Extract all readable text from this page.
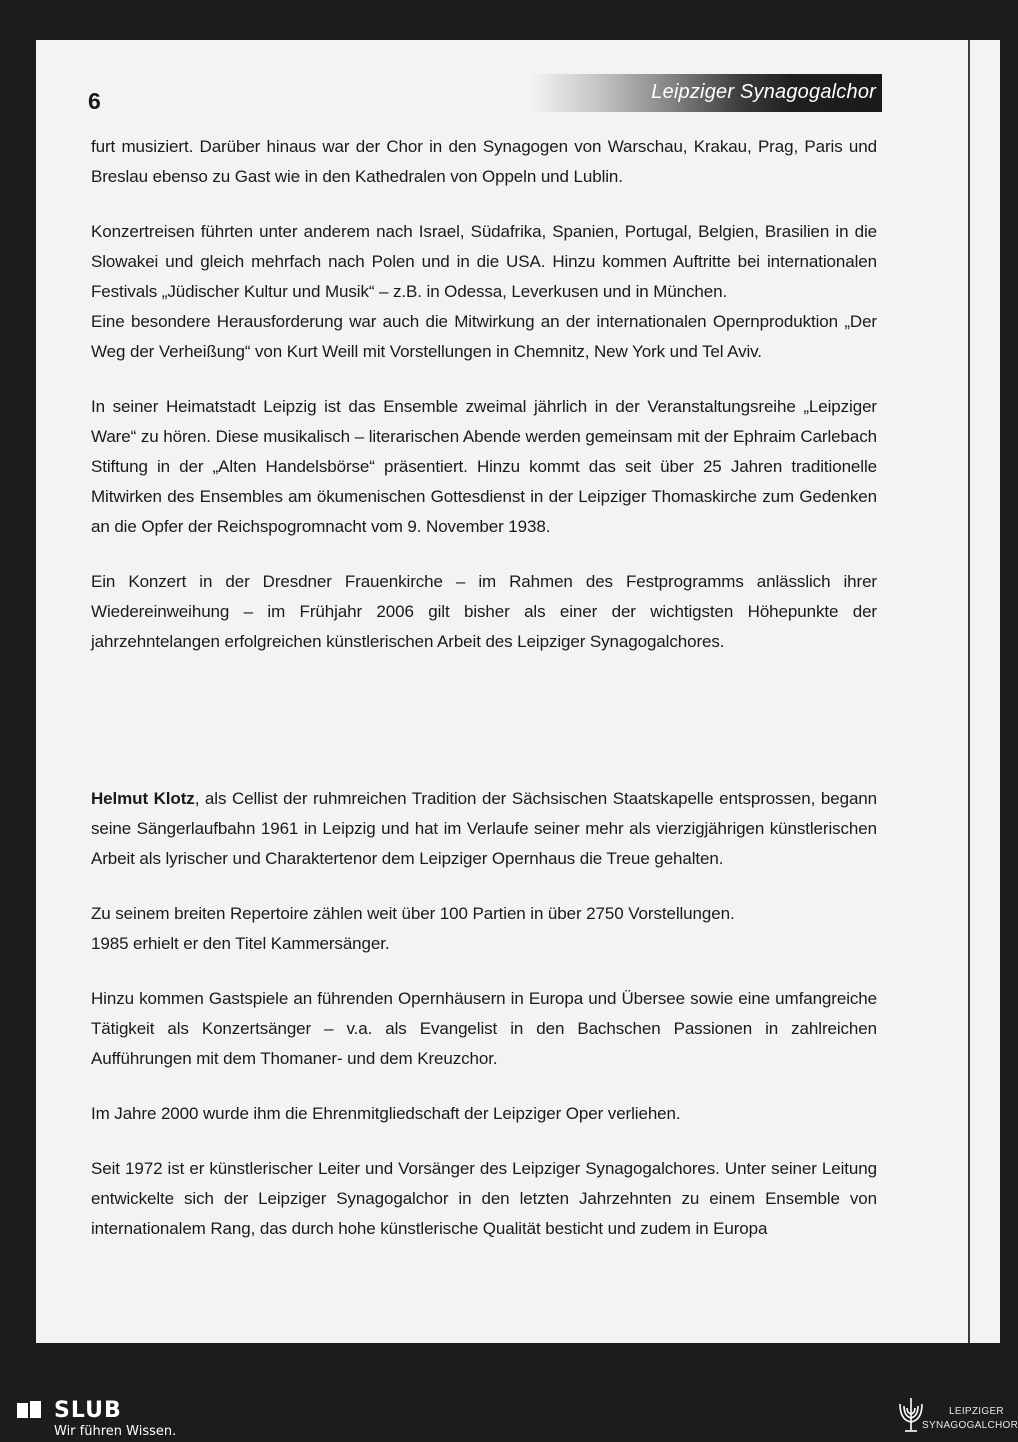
6	Leipziger Synagogalchor

furt musiziert. Darüber hinaus war der Chor in den Synagogen von Warschau, Krakau, Prag, Paris und Breslau ebenso zu Gast wie in den Kathedralen von Oppeln und Lublin.

Konzertreisen führten unter anderem nach Israel, Südafrika, Spanien, Portugal, Belgien, Brasilien in die Slowakei und gleich mehrfach nach Polen und in die USA. Hinzu kommen Auftritte bei internationalen Festivals „Jüdischer Kultur und Musik“ – z.B. in Odessa, Leverkusen und in München.

Eine besondere Herausforderung war auch die Mitwirkung an der internationalen Opernproduktion „Der Weg der Verheißung“ von Kurt Weill mit Vorstellungen in Chemnitz, New York und Tel Aviv.

In seiner Heimatstadt Leipzig ist das Ensemble zweimal jährlich in der Veranstaltungsreihe „Leipziger Ware“ zu hören. Diese musikalisch – literarischen Abende werden gemeinsam mit der Ephraim Carlebach Stiftung in der „Alten Handelsbörse“ präsentiert. Hinzu kommt das seit über 25 Jahren traditionelle Mitwirken des Ensembles am ökumenischen Gottesdienst in der Leipziger Thomaskirche zum Gedenken an die Opfer der Reichspogromnacht vom 9. November 1938.

Ein Konzert in der Dresdner Frauenkirche – im Rahmen des Festprogramms anlässlich ihrer Wiedereinweihung – im Frühjahr 2006 gilt bisher als einer der wichtigsten Höhepunkte der jahrzehntelangen erfolgreichen künstlerischen Arbeit des Leipziger Synagogalchores.

Helmut Klotz, als Cellist der ruhmreichen Tradition der Sächsischen Staatskapelle entsprossen, begann seine Sängerlaufbahn 1961 in Leipzig und hat im Verlaufe seiner mehr als vierzigjährigen künstlerischen Arbeit als lyrischer und Charaktertenor dem Leipziger Opernhaus die Treue gehalten.

Zu seinem breiten Repertoire zählen weit über 100 Partien in über 2750 Vorstellungen.

1985 erhielt er den Titel Kammersänger.

Hinzu kommen Gastspiele an führenden Opernhäusern in Europa und Übersee sowie eine umfangreiche Tätigkeit als Konzertsänger – v.a. als Evangelist in den Bachschen Passionen in zahlreichen Aufführungen mit dem Thomaner- und dem Kreuzchor.

Im Jahre 2000 wurde ihm die Ehrenmitgliedschaft der Leipziger Oper verliehen.

Seit 1972 ist er künstlerischer Leiter und Vorsänger des Leipziger Synagogalchores. Unter seiner Leitung entwickelte sich der Leipziger Synagogalchor in den letzten Jahrzehnten zu einem Ensemble von internationalem Rang, das durch hohe künstlerische Qualität besticht und zudem in Europa

SLUB
Wir führen Wissen.
LEIPZIGER
SYNAGOGALCHOR
